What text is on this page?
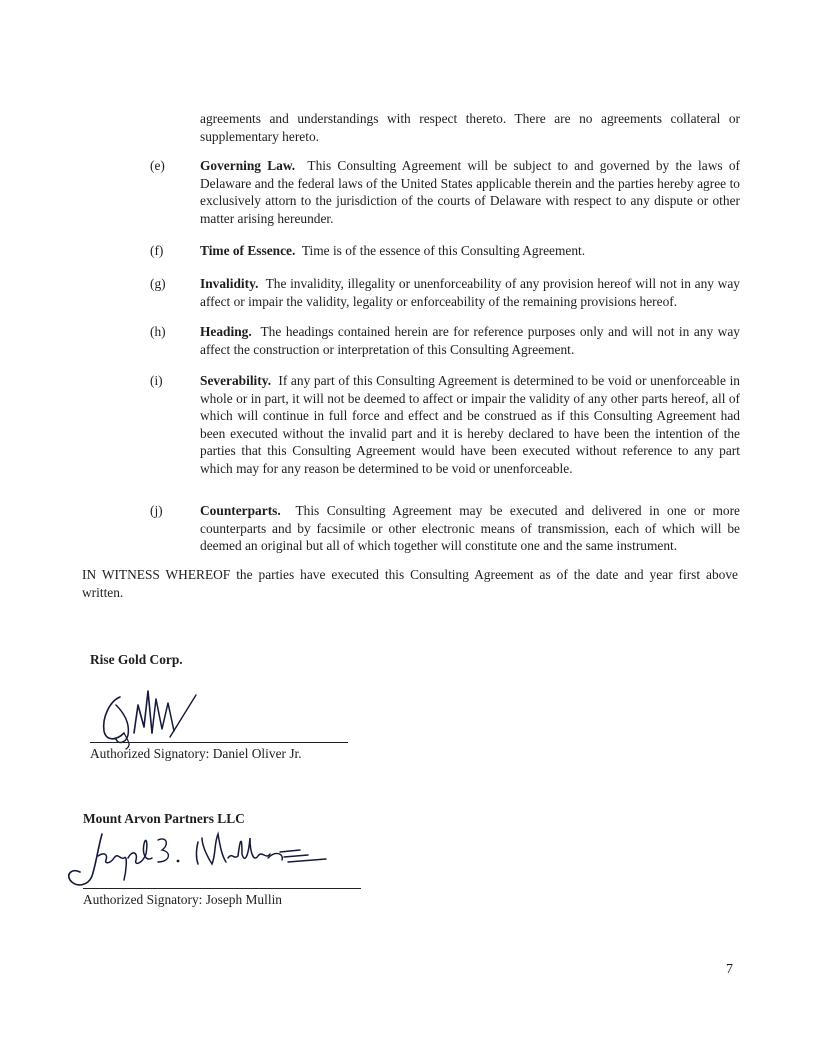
agreements and understandings with respect thereto. There are no agreements collateral or supplementary hereto.

(e)	Governing Law. This Consulting Agreement will be subject to and governed by the laws of Delaware and the federal laws of the United States applicable therein and the parties hereby agree to exclusively attorn to the jurisdiction of the courts of Delaware with respect to any dispute or other matter arising hereunder.
(f)	Time of Essence. Time is of the essence of this Consulting Agreement.
(g)	Invalidity. The invalidity, illegality or unenforceability of any provision hereof will not in any way affect or impair the validity, legality or enforceability of the remaining provisions hereof.
(h)	Heading. The headings contained herein are for reference purposes only and will not in any way affect the construction or interpretation of this Consulting Agreement.
(i)	Severability. If any part of this Consulting Agreement is determined to be void or unenforceable in whole or in part, it will not be deemed to affect or impair the validity of any other parts hereof, all of which will continue in full force and effect and be construed as if this Consulting Agreement had been executed without the invalid part and it is hereby declared to have been the intention of the parties that this Consulting Agreement would have been executed without reference to any part which may for any reason be determined to be void or unenforceable.
(j)	Counterparts. This Consulting Agreement may be executed and delivered in one or more counterparts and by facsimile or other electronic means of transmission, each of which will be deemed an original but all of which together will constitute one and the same instrument.

IN WITNESS WHEREOF the parties have executed this Consulting Agreement as of the date and year first above written.

Rise Gold Corp.
Authorized Signatory: Daniel Oliver Jr.
Mount Arvon Partners LLC
Authorized Signatory: Joseph Mullin
7
